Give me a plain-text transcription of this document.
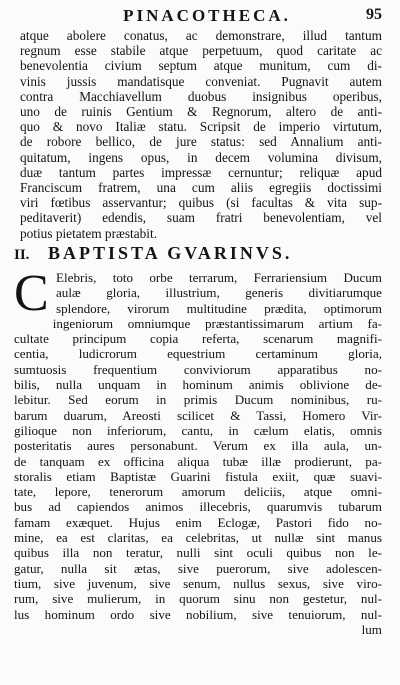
PINACOTHECA.	95
atque abolere conatus, ac demonstrare, illud tantum
regnum esse stabile atque perpetuum, quod caritate ac
benevolentia civium septum atque munitum, cum di-
vinis jussis mandatisque conveniat. Pugnavit autem
contra Macchiavellum duobus insignibus operibus,
uno de ruinis Gentium & Regnorum, altero de anti-
quo & novo Italiæ statu. Scripsit de imperio virtutum,
de robore bellico, de jure status: sed Annalium anti-
quitatum, ingens opus, in decem volumina divisum,
duæ tantum partes impressæ cernuntur; reliquæ apud
Franciscum fratrem, una cum aliis egregiis doctissimi
viri fœtibus asservantur; quibus (si facultas & vita sup-
peditaverit) edendis, suam fratri benevolentiam, vel
potius pietatem præstabit.
II. BAPTISTA GVARINVS.
C Elebris, toto orbe terrarum, Ferrariensium Ducum
aulæ gloria, illustrium, generis divitiarumque
splendore, virorum multitudine prædita, optimorum
ingeniorum omniumque præstantissimarum artium fa-
cultate principum copia referta, scenarum magnifi-
centia, ludicrorum equestrium certaminum gloria,
sumtuosis frequentium conviviorum apparatibus no-
bilis, nulla unquam in hominum animis oblivione de-
lebitur. Sed eorum in primis Ducum nominibus, ru-
barum duarum, Areosti scilicet & Tassi, Homero Vir-
gilioque non inferiorum, cantu, in cælum elatis, omnis
posteritatis aures personabunt. Verum ex illa aula, un-
de tanquam ex officina aliqua tubæ illæ prodierunt, pa-
storalis etiam Baptistæ Guarini fistula exiit, quæ suavi-
tate, lepore, tenerorum amorum deliciis, atque omni-
bus ad capiendos animos illecebris, quarumvis tubarum
famam exæquet. Hujus enim Eclogæ, Pastori fido no-
mine, ea est claritas, ea celebritas, ut nullæ sint manus
quibus illa non teratur, nulli sint oculi quibus non le-
gatur, nulla sit ætas, sive puerorum, sive adolescen-
tium, sive juvenum, sive senum, nullus sexus, sive viro-
rum, sive mulierum, in quorum sinu non gestetur, nul-
lus hominum ordo sive nobilium, sive tenuiorum, nul-
lum
